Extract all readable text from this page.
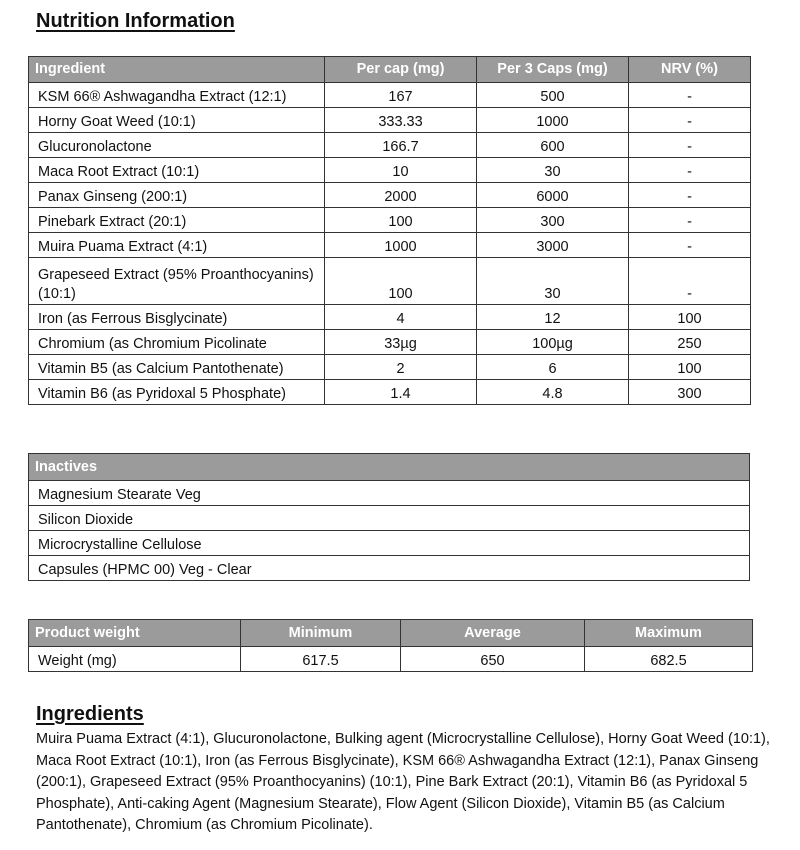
Nutrition Information
Ingredient	Per cap (mg)	Per 3 Caps (mg)	NRV (%)
KSM 66® Ashwagandha Extract (12:1)	167	500	-
Horny Goat Weed (10:1)	333.33	1000	-
Glucuronolactone	166.7	600	-
Maca Root Extract (10:1)	10	30	-
Panax Ginseng (200:1)	2000	6000	-
Pinebark Extract (20:1)	100	300	-
Muira Puama Extract (4:1)	1000	3000	-
Grapeseed Extract (95% Proanthocyanins) (10:1)	100	30	-
Iron (as Ferrous Bisglycinate)	4	12	100
Chromium (as Chromium Picolinate	33µg	100µg	250
Vitamin B5 (as Calcium Pantothenate)	2	6	100
Vitamin B6 (as Pyridoxal 5 Phosphate)	1.4	4.8	300
Inactives
Magnesium Stearate Veg
Silicon Dioxide
Microcrystalline Cellulose
Capsules (HPMC 00) Veg - Clear
Product weight	Minimum	Average	Maximum
Weight (mg)	617.5	650	682.5
Ingredients

Muira Puama Extract (4:1), Glucuronolactone, Bulking agent (Microcrystalline Cellulose), Horny Goat Weed (10:1), Maca Root Extract (10:1), Iron (as Ferrous Bisglycinate), KSM 66® Ashwagandha Extract (12:1), Panax Ginseng (200:1), Grapeseed Extract (95% Proanthocyanins) (10:1), Pine Bark Extract (20:1), Vitamin B6 (as Pyridoxal 5 Phosphate), Anti-caking Agent (Magnesium Stearate), Flow Agent (Silicon Dioxide), Vitamin B5 (as Calcium Pantothenate), Chromium (as Chromium Picolinate).
